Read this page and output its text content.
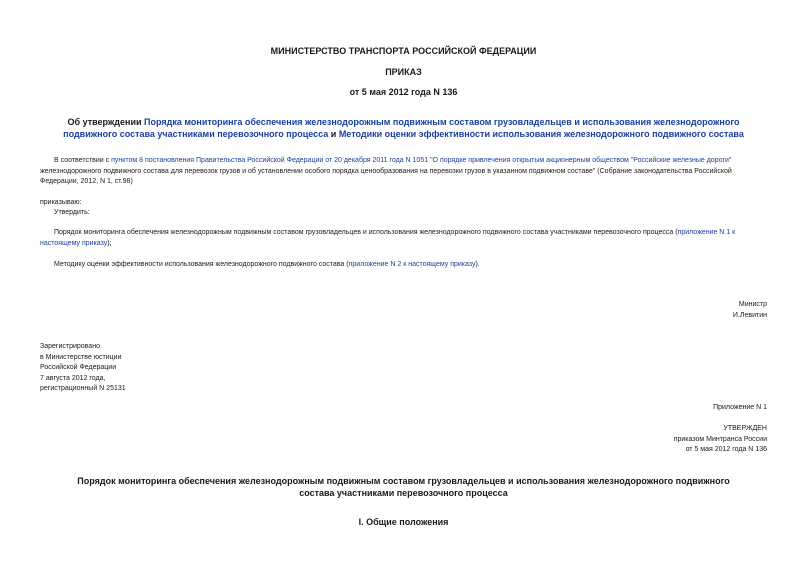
МИНИСТЕРСТВО ТРАНСПОРТА РОССИЙСКОЙ ФЕДЕРАЦИИ
ПРИКАЗ
от 5 мая 2012 года N 136
Об утверждении Порядка мониторинга обеспечения железнодорожным подвижным составом грузовладельцев и использования железнодорожного подвижного состава участниками перевозочного процесса и Методики оценки эффективности использования железнодорожного подвижного состава
В соответствии с пунктом 8 постановления Правительства Российской Федерации от 20 декабря 2011 года N 1051 "О порядке привлечения открытым акционерным обществом "Российские железные дороги" железнодорожного подвижного состава для перевозок грузов и об установлении особого порядка ценообразования на перевозки грузов в указанном подвижном составе" (Собрание законодательства Российской Федерации, 2012, N 1, ст.98)
приказываю:
Утвердить:
Порядок мониторинга обеспечения железнодорожным подвижным составом грузовладельцев и использования железнодорожного подвижного состава участниками перевозочного процесса (приложение N 1 к настоящему приказу);
Методику оценки эффективности использования железнодорожного подвижного состава (приложение N 2 к настоящему приказу).
Министр
И.Левитин
Зарегистрировано
в Министерстве юстиции
Российской Федерации
7 августа 2012 года,
регистрационный N 25131
Приложение N 1
УТВЕРЖДЕН
приказом Минтранса России
от 5 мая 2012 года N 136
Порядок мониторинга обеспечения железнодорожным подвижным составом грузовладельцев и использования железнодорожного подвижного состава участниками перевозочного процесса
I. Общие положения
